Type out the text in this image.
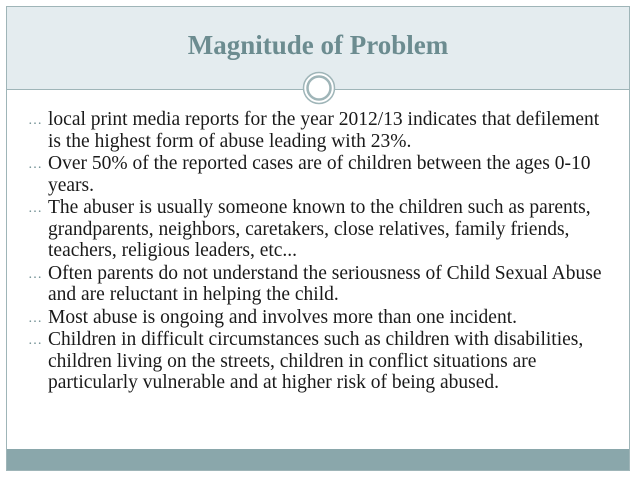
Magnitude of Problem
… local print media reports for the year 2012/13 indicates that defilement is the highest form of abuse leading with 23%.
… Over 50% of the reported cases are of children between the ages 0-10 years.
… The abuser is usually someone known to the children such as parents, grandparents, neighbors, caretakers, close relatives, family friends, teachers, religious leaders, etc...
… Often parents do not understand the seriousness of Child Sexual Abuse and are reluctant in helping the child.
… Most abuse is ongoing and involves more than one incident.
… Children in difficult circumstances such as children with disabilities, children living on the streets, children in conflict situations are particularly vulnerable and at higher risk of being abused.
